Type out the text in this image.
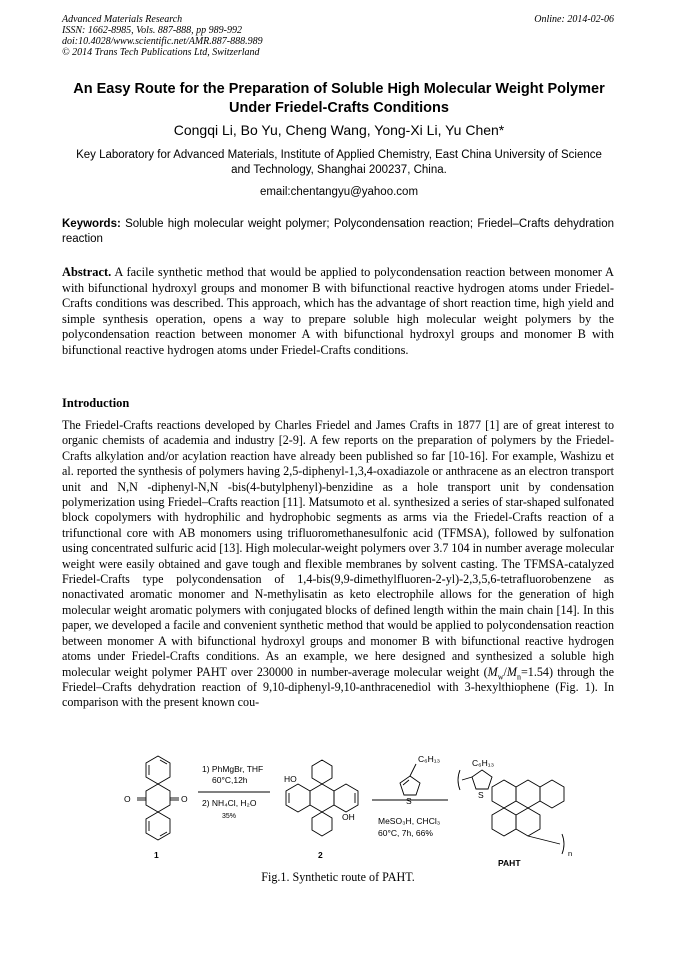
Advanced Materials Research
ISSN: 1662-8985, Vols. 887-888, pp 989-992
doi:10.4028/www.scientific.net/AMR.887-888.989
© 2014 Trans Tech Publications Ltd, Switzerland
Online: 2014-02-06
An Easy Route for the Preparation of Soluble High Molecular Weight Polymer Under Friedel-Crafts Conditions
Congqi Li, Bo Yu, Cheng Wang, Yong-Xi Li, Yu Chen*
Key Laboratory for Advanced Materials, Institute of Applied Chemistry, East China University of Science and Technology, Shanghai 200237, China.
email:chentangyu@yahoo.com
Keywords: Soluble high molecular weight polymer; Polycondensation reaction; Friedel–Crafts dehydration reaction
Abstract. A facile synthetic method that would be applied to polycondensation reaction between monomer A with bifunctional hydroxyl groups and monomer B with bifunctional reactive hydrogen atoms under Friedel-Crafts conditions was described. This approach, which has the advantage of short reaction time, high yield and simple synthesis operation, opens a way to prepare soluble high molecular weight polymers by the polycondensation reaction between monomer A with bifunctional hydroxyl groups and monomer B with bifunctional reactive hydrogen atoms under Friedel-Crafts conditions.
Introduction
The Friedel-Crafts reactions developed by Charles Friedel and James Crafts in 1877 [1] are of great interest to organic chemists of academia and industry [2-9]. A few reports on the preparation of polymers by the Friedel-Crafts alkylation and/or acylation reaction have already been published so far [10-16]. For example, Washizu et al. reported the synthesis of polymers having 2,5-diphenyl-1,3,4-oxadiazole or anthracene as an electron transport unit and N,N -diphenyl-N,N -bis(4-butylphenyl)-benzidine as a hole transport unit by condensation polymerization using Friedel–Crafts reaction [11]. Matsumoto et al. synthesized a series of star-shaped sulfonated block copolymers with hydrophilic and hydrophobic segments as arms via the Friedel-Crafts reaction of a trifunctional core with AB monomers using trifluoromethanesulfonic acid (TFMSA), followed by sulfonation using concentrated sulfuric acid [13]. High molecular-weight polymers over 3.7 104 in number average molecular weight were easily obtained and gave tough and flexible membranes by solvent casting. The TFMSA-catalyzed Friedel-Crafts type polycondensation of 1,4-bis(9,9-dimethylfluoren-2-yl)-2,3,5,6-tetrafluorobenzene as nonactivated aromatic monomer and N-methylisatin as keto electrophile allows for the generation of high molecular weight aromatic polymers with conjugated blocks of defined length within the main chain [14]. In this paper, we developed a facile and convenient synthetic method that would be applied to polycondensation reaction between monomer A with bifunctional hydroxyl groups and monomer B with bifunctional reactive hydrogen atoms under Friedel-Crafts conditions. As an example, we here designed and synthesized a soluble high molecular weight polymer PAHT over 230000 in number-average molecular weight $(M_w/M_n=1.54)$ through the Friedel–Crafts dehydration reaction of 9,10-diphenyl-9,10-anthracenediol with 3-hexylthiophene (Fig. 1). In comparison with the present known cou-
O	O
1
1) PhMgBr, THF
60°C,12h
2) NH₄Cl, H₂O
35%
HO
OH
2
C₆H₁₃
S
MeSO₃H, CHCl₃
60°C, 7h, 66%
C₆H₁₃
S
n
PAHT
Fig.1. Synthetic route of PAHT.
